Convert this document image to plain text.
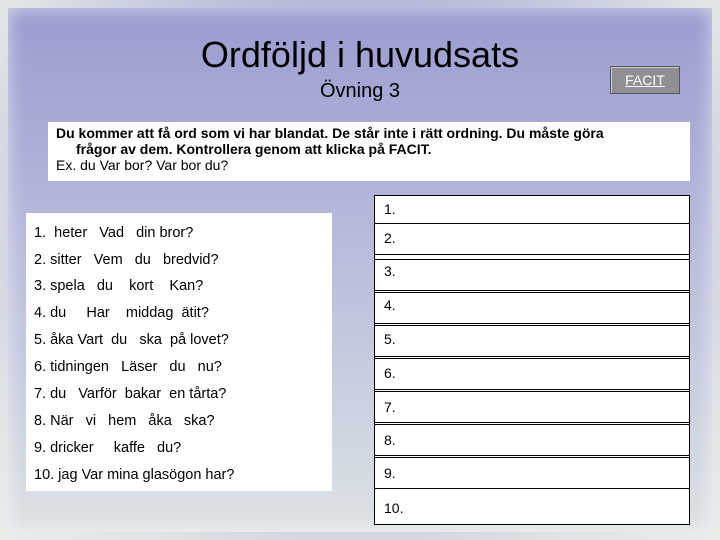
Ordföljd i huvudsats
Övning 3	FACIT
Du kommer att få ord som vi har blandat. De står inte i rätt ordning. Du måste göra
frågor av dem. Kontrollera genom att klicka på FACIT.
Ex. du Var bor? Var bor du?
1.  heter   Vad   din bror?
2. sitter   Vem   du   bredvid?
3. spela   du    kort    Kan?
4. du     Har    middag  ätit?
5. åka Vart  du   ska  på lovet?
6. tidningen   Läser   du   nu?
7. du   Varför  bakar  en tårta?
8. När   vi   hem   åka   ska?
9. dricker     kaffe   du?
10. jag Var mina glasögon har?
1.
2.
3.
4.
5.
6.
7.
8.
9.
10.
